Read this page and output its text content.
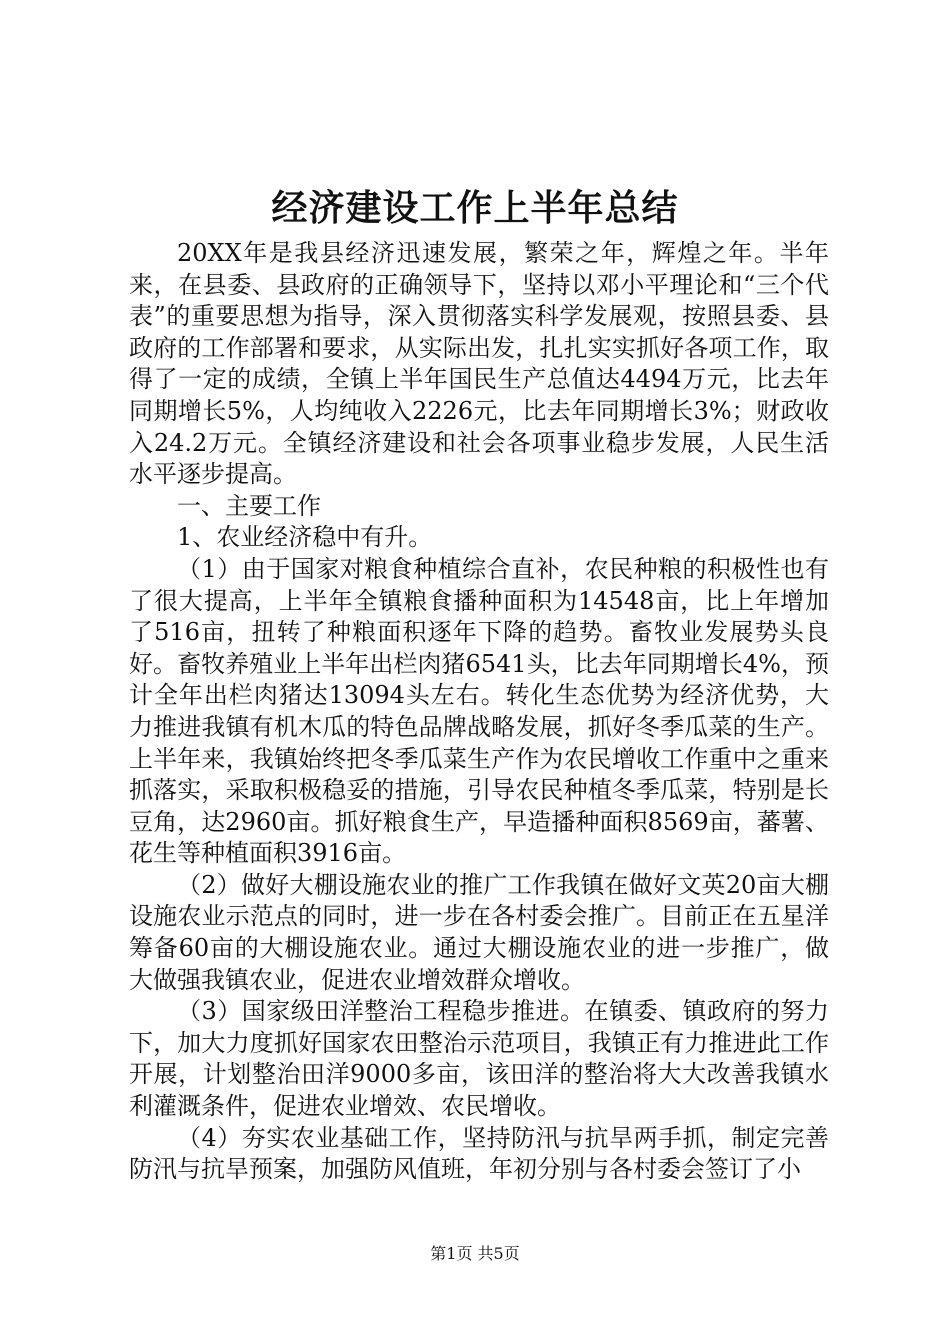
经济建设工作上半年总结

20XX年是我县经济迅速发展，繁荣之年，辉煌之年。半年来，在县委、县政府的正确领导下，坚持以邓小平理论和“三个代表”的重要思想为指导，深入贯彻落实科学发展观，按照县委、县政府的工作部署和要求，从实际出发，扎扎实实抓好各项工作，取得了一定的成绩，全镇上半年国民生产总值达4494万元，比去年同期增长5%，人均纯收入2226元，比去年同期增长3%；财政收入24.2万元。全镇经济建设和社会各项事业稳步发展，人民生活水平逐步提高。

一、主要工作

1、农业经济稳中有升。

（1）由于国家对粮食种植综合直补，农民种粮的积极性也有了很大提高，上半年全镇粮食播种面积为14548亩，比上年增加了516亩，扭转了种粮面积逐年下降的趋势。畜牧业发展势头良好。畜牧养殖业上半年出栏肉猪6541头，比去年同期增长4%，预计全年出栏肉猪达13094头左右。转化生态优势为经济优势，大力推进我镇有机木瓜的特色品牌战略发展，抓好冬季瓜菜的生产。上半年来，我镇始终把冬季瓜菜生产作为农民增收工作重中之重来抓落实，采取积极稳妥的措施，引导农民种植冬季瓜菜，特别是长豆角，达2960亩。抓好粮食生产，早造播种面积8569亩，蕃薯、花生等种植面积3916亩。

（2）做好大棚设施农业的推广工作我镇在做好文英20亩大棚设施农业示范点的同时，进一步在各村委会推广。目前正在五星洋筹备60亩的大棚设施农业。通过大棚设施农业的进一步推广，做大做强我镇农业，促进农业增效群众增收。

（3）国家级田洋整治工程稳步推进。在镇委、镇政府的努力下，加大力度抓好国家农田整治示范项目，我镇正有力推进此工作开展，计划整治田洋9000多亩，该田洋的整治将大大改善我镇水利灌溉条件，促进农业增效、农民增收。

（4）夯实农业基础工作，坚持防汛与抗旱两手抓，制定完善防汛与抗旱预案，加强防风值班，年初分别与各村委会签订了小

第1页 共5页
